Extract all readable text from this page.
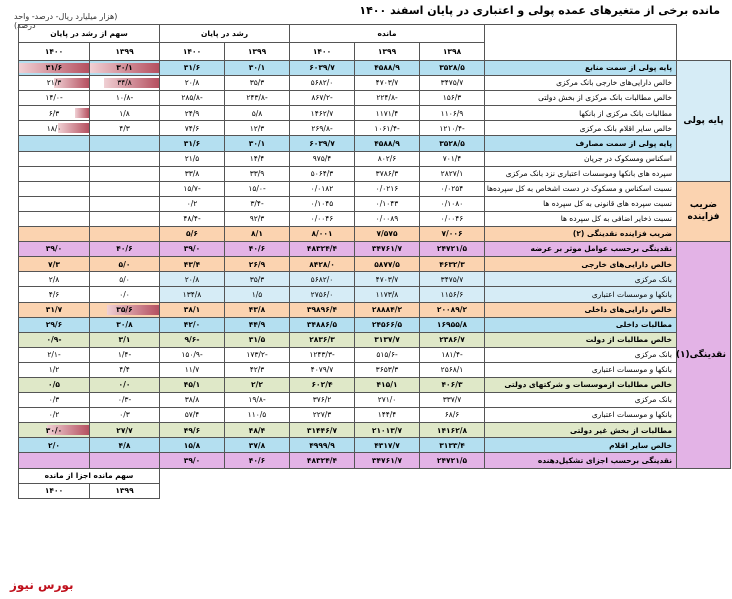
مانده برخی از متغیرهای عمده پولی و اعتباری در پایان اسفند ۱۴۰۰
(هزار میلیارد ریال- درصد- واحد درصد)
		مانده			رشد در پایان		سهم از رشد در پایان	
		۱۳۹۸	۱۳۹۹	۱۴۰۰	۱۳۹۹	۱۴۰۰	۱۳۹۹	۱۴۰۰
پایه پولی	پایه پولی از سمت منابع	۳۵۲۸/۵	۴۵۸۸/۹	۶۰۳۹/۷	۳۰/۱	۳۱/۶	۳۰/۱	۳۱/۶
	خالص دارایی‌های خارجی بانک مرکزی	۳۴۷۵/۷	۴۷۰۳/۷	۵۶۸۲/۰	۳۵/۳	۲۰/۸	۳۴/۸	۲۱/۳
	خالص مطالبات بانک مرکزی از بخش دولتی	۱۵۶/۳	-۲۲۴/۸	-۸۶۷/۲	-۲۴۳/۸	-۲۸۵/۸	-۱۰/۸	-۱۴/۰
	مطالبات بانک مرکزی از بانکها	۱۱۰۶/۹	۱۱۷۱/۴	۱۴۶۲/۷	۵/۸	۲۴/۹	۱/۸	۶/۳
	خالص سایر اقلام بانک مرکزی	-۱۲۱۰/۴	-۱۰۶۱/۴	-۲۶۹/۸	۱۲/۳	۷۴/۶	۴/۳	۱۸/۰
	پایه پولی از سمت مصارف	۳۵۲۸/۵	۴۵۸۸/۹	۶۰۳۹/۷	۳۰/۱	۳۱/۶		
	اسکناس ومسکوک در جریان	۷۰۱/۴	۸۰۲/۶	۹۷۵/۴	۱۴/۴	۲۱/۵		
	سپرده های بانکها وموسسات اعتباری نزد بانک مرکزی	۲۸۲۷/۱	۳۷۸۶/۳	۵۰۶۴/۳	۳۳/۹	۳۳/۸		
ضریب فزاینده	نسبت اسکناس و مسکوک در دست اشخاص به کل سپرده‌ها	۰/۰۲۵۴	۰/۰۲۱۶	۰/۰۱۸۲	-۱۵/۰	-۱۵/۷		
	نسبت سپرده های قانونی به کل سپرده ها	۰/۱۰۸۰	۰/۱۰۴۳	۰/۱۰۴۵	-۳/۴	۰/۲		
	نسبت ذخایر اضافی به کل سپرده ها	۰/۰۰۴۶	۰/۰۰۸۹	۰/۰۰۴۶	۹۲/۳	-۴۸/۴		
	ضریب فزاینده نقدینگی (۲)	۷/۰۰۶	۷/۵۷۵	۸/۰۰۱	۸/۱	۵/۶		
نقدینگی(۱)	نقدینگی برحسب عوامل موثر بر عرضه	۲۴۷۲۱/۵	۳۴۷۶۱/۷	۴۸۳۲۴/۴	۴۰/۶	۳۹/۰	۴۰/۶	۳۹/۰
	خالص دارایی‌های خارجی	۴۶۳۲/۳	۵۸۷۷/۵	۸۴۲۸/۰	۲۶/۹	۴۳/۴	۵/۰	۷/۳
	بانک مرکزی	۳۴۷۵/۷	۴۷۰۳/۷	۵۶۸۲/۰	۳۵/۳	۲۰/۸	۵/۰	۲/۸
	بانکها و موسسات اعتباری	۱۱۵۶/۶	۱۱۷۳/۸	۲۷۵۶/۰	۱/۵	۱۳۴/۸	۰/۰	۴/۶
	خالص دارایی‌های داخلی	۲۰۰۸۹/۲	۲۸۸۸۴/۲	۳۹۸۹۶/۴	۴۳/۸	۳۸/۱	۳۵/۶	۳۱/۷
	مطالبات داخلی	۱۶۹۵۵/۸	۲۴۵۶۶/۵	۳۴۸۸۶/۵	۴۴/۹	۴۲/۰	۳۰/۸	۲۹/۶
	خالص مطالبات از دولت	۲۳۸۶/۷	۳۱۳۷/۷	۲۸۳۶/۳	۳۱/۵	-۹/۶	۳/۱	-۰/۹
	بانک مرکزی	-۱۸۱/۴	-۵۱۵/۶	-۱۲۴۳/۳	-۱۷۳/۲	-۱۵۰/۹	-۱/۴	-۲/۱
	بانکها و موسسات اعتباری	۲۵۶۸/۱	۳۶۵۳/۳	۴۰۷۹/۷	۴۲/۳	۱۱/۷	۴/۴	۱/۲
	خالص مطالبات ازموسسات و شرکتهای دولتی	۴۰۶/۳	۴۱۵/۱	۶۰۲/۴	۲/۲	۴۵/۱	۰/۰	۰/۵
	بانک مرکزی	۳۳۷/۷	۲۷۱/۰	۳۷۶/۲	-۱۹/۸	۳۸/۸	-۰/۳	۰/۳
	بانکها و موسسات اعتباری	۶۸/۶	۱۴۴/۴	۲۲۷/۳	۱۱۰/۵	۵۷/۴	۰/۳	۰/۲
	مطالبات از بخش غیر دولتی	۱۴۱۶۲/۸	۲۱۰۱۳/۷	۳۱۴۴۶/۷	۴۸/۴	۴۹/۶	۲۷/۷	۳۰/۰
	خالص سایر اقلام	۳۱۳۳/۴	۴۳۱۷/۷	۴۹۹۹/۹	۳۷/۸	۱۵/۸	۴/۸	۲/۰
	نقدینگی برحسب اجزای تشکیل‌دهنده	۲۴۷۲۱/۵	۳۴۷۶۱/۷	۴۸۳۲۴/۴	۴۰/۶	۳۹/۰		
							سهم مانده اجزا از مانده	
							۱۳۹۹	۱۴۰۰
بورس نیوز
